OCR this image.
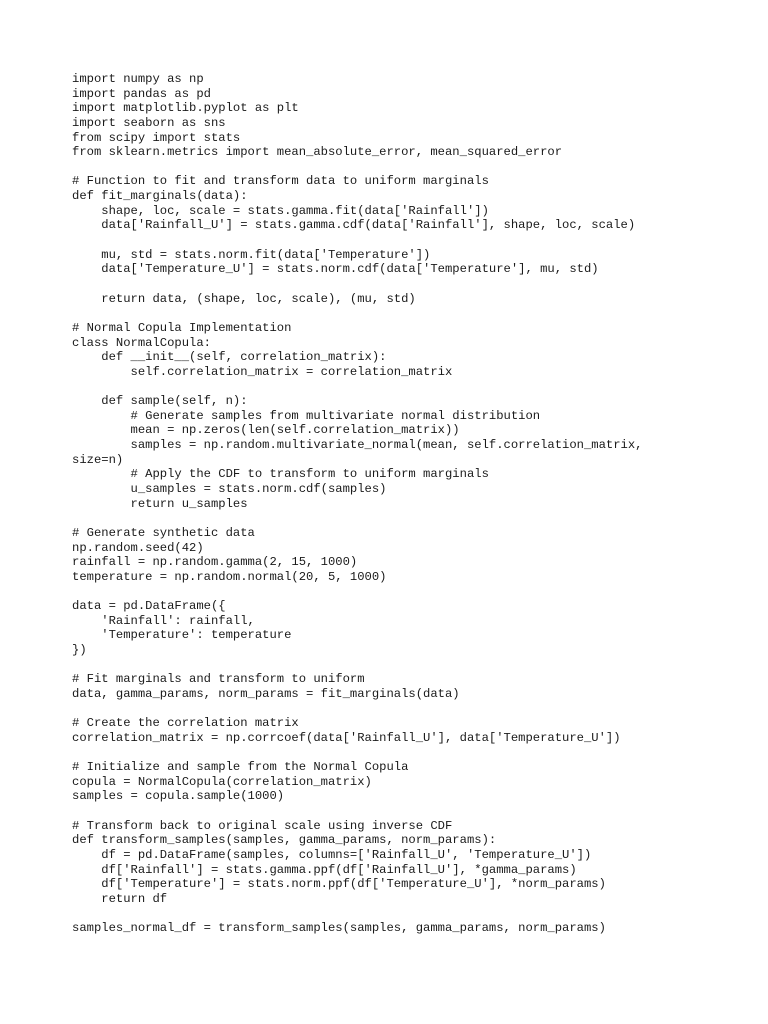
import numpy as np
import pandas as pd
import matplotlib.pyplot as plt
import seaborn as sns
from scipy import stats
from sklearn.metrics import mean_absolute_error, mean_squared_error
# Function to fit and transform data to uniform marginals
def fit_marginals(data):
shape, loc, scale = stats.gamma.fit(data['Rainfall'])
data['Rainfall_U'] = stats.gamma.cdf(data['Rainfall'], shape, loc, scale)
mu, std = stats.norm.fit(data['Temperature'])
data['Temperature_U'] = stats.norm.cdf(data['Temperature'], mu, std)
return data, (shape, loc, scale), (mu, std)
# Normal Copula Implementation
class NormalCopula:
def __init__(self, correlation_matrix):
self.correlation_matrix = correlation_matrix
def sample(self, n):
# Generate samples from multivariate normal distribution
mean = np.zeros(len(self.correlation_matrix))
samples = np.random.multivariate_normal(mean, self.correlation_matrix,
size=n)
# Apply the CDF to transform to uniform marginals
u_samples = stats.norm.cdf(samples)
return u_samples
# Generate synthetic data
np.random.seed(42)
rainfall = np.random.gamma(2, 15, 1000)
temperature = np.random.normal(20, 5, 1000)
data = pd.DataFrame({
'Rainfall': rainfall,
'Temperature': temperature
})
# Fit marginals and transform to uniform
data, gamma_params, norm_params = fit_marginals(data)
# Create the correlation matrix
correlation_matrix = np.corrcoef(data['Rainfall_U'], data['Temperature_U'])
# Initialize and sample from the Normal Copula
copula = NormalCopula(correlation_matrix)
samples = copula.sample(1000)
# Transform back to original scale using inverse CDF
def transform_samples(samples, gamma_params, norm_params):
df = pd.DataFrame(samples, columns=['Rainfall_U', 'Temperature_U'])
df['Rainfall'] = stats.gamma.ppf(df['Rainfall_U'], *gamma_params)
df['Temperature'] = stats.norm.ppf(df['Temperature_U'], *norm_params)
return df
samples_normal_df = transform_samples(samples, gamma_params, norm_params)
